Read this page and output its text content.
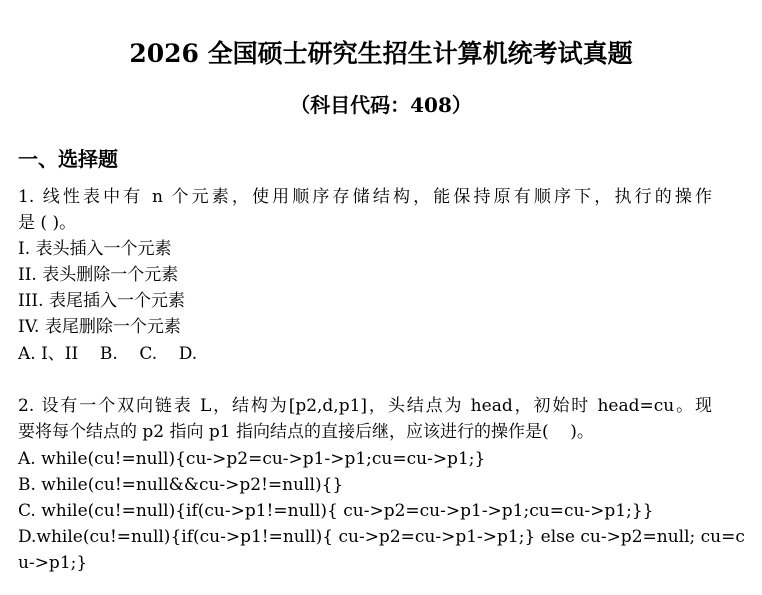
2026 全国硕士研究生招生计算机统考试真题
（科目代码：408）
一、选择题
1. 线性表中有 n 个元素，使用顺序存储结构，能保持原有顺序下，执行的操作
是 ( )。
I. 表头插入一个元素
II. 表头删除一个元素
III. 表尾插入一个元素
IV. 表尾删除一个元素
A. I、II    B.    C.    D.
2. 设有一个双向链表 L，结构为[p2,d,p1]，头结点为 head，初始时 head=cu。现
要将每个结点的 p2 指向 p1 指向结点的直接后继，应该进行的操作是(    )。
A. while(cu!=null){cu->p2=cu->p1->p1;cu=cu->p1;}
B. while(cu!=null&&cu->p2!=null){}
C. while(cu!=null){if(cu->p1!=null){ cu->p2=cu->p1->p1;cu=cu->p1;}}
D.while(cu!=null){if(cu->p1!=null){ cu->p2=cu->p1->p1;} else cu->p2=null; cu=c
u->p1;}
